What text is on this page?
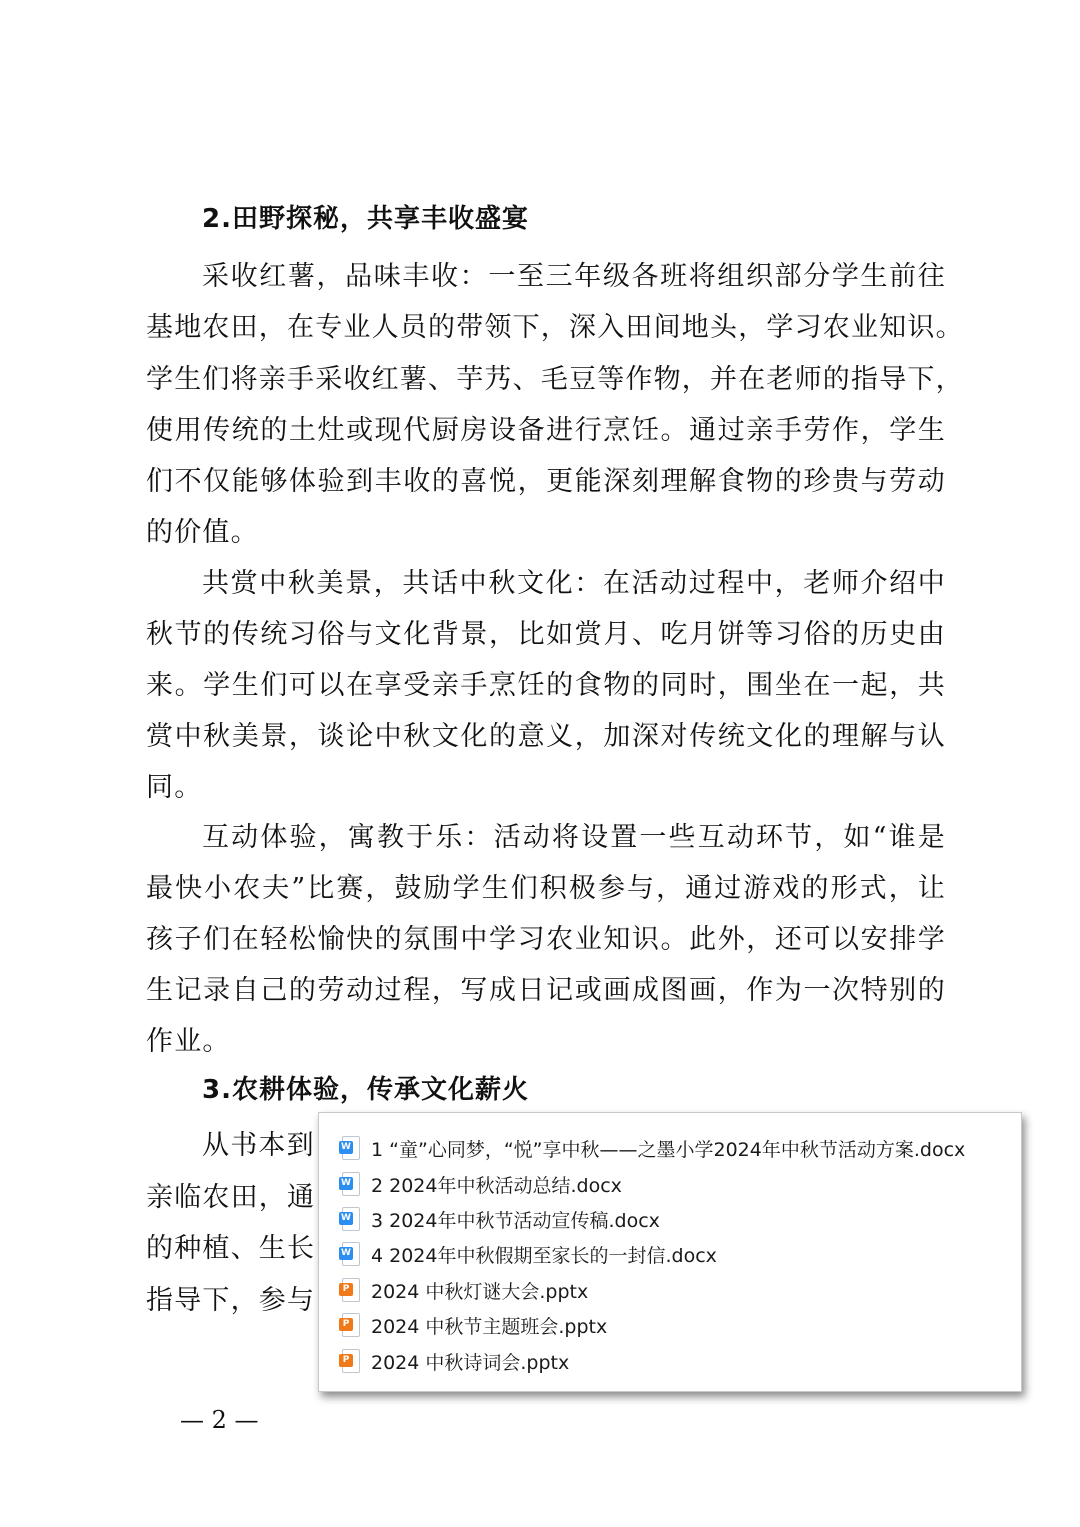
2.田野探秘，共享丰收盛宴
采收红薯，品味丰收：一至三年级各班将组织部分学生前往
基地农田，在专业人员的带领下，深入田间地头，学习农业知识。
学生们将亲手采收红薯、芋艿、毛豆等作物，并在老师的指导下，
使用传统的土灶或现代厨房设备进行烹饪。通过亲手劳作，学生
们不仅能够体验到丰收的喜悦，更能深刻理解食物的珍贵与劳动
的价值。
共赏中秋美景，共话中秋文化：在活动过程中，老师介绍中
秋节的传统习俗与文化背景，比如赏月、吃月饼等习俗的历史由
来。学生们可以在享受亲手烹饪的食物的同时，围坐在一起，共
赏中秋美景，谈论中秋文化的意义，加深对传统文化的理解与认
同。
互动体验，寓教于乐：活动将设置一些互动环节，如“谁是
最快小农夫”比赛，鼓励学生们积极参与，通过游戏的形式，让
孩子们在轻松愉快的氛围中学习农业知识。此外，还可以安排学
生记录自己的劳动过程，写成日记或画成图画，作为一次特别的
作业。
3.农耕体验，传承文化薪火
从书本到
亲临农田，通
的种植、生长
指导下，参与
— 2 —
W 1 “童”心同梦，“悦”享中秋——之墨小学2024年中秋节活动方案.docx
W 2 2024年中秋活动总结.docx
W 3 2024年中秋节活动宣传稿.docx
W 4 2024年中秋假期至家长的一封信.docx
P 2024 中秋灯谜大会.pptx
P 2024 中秋节主题班会.pptx
P 2024 中秋诗词会.pptx
